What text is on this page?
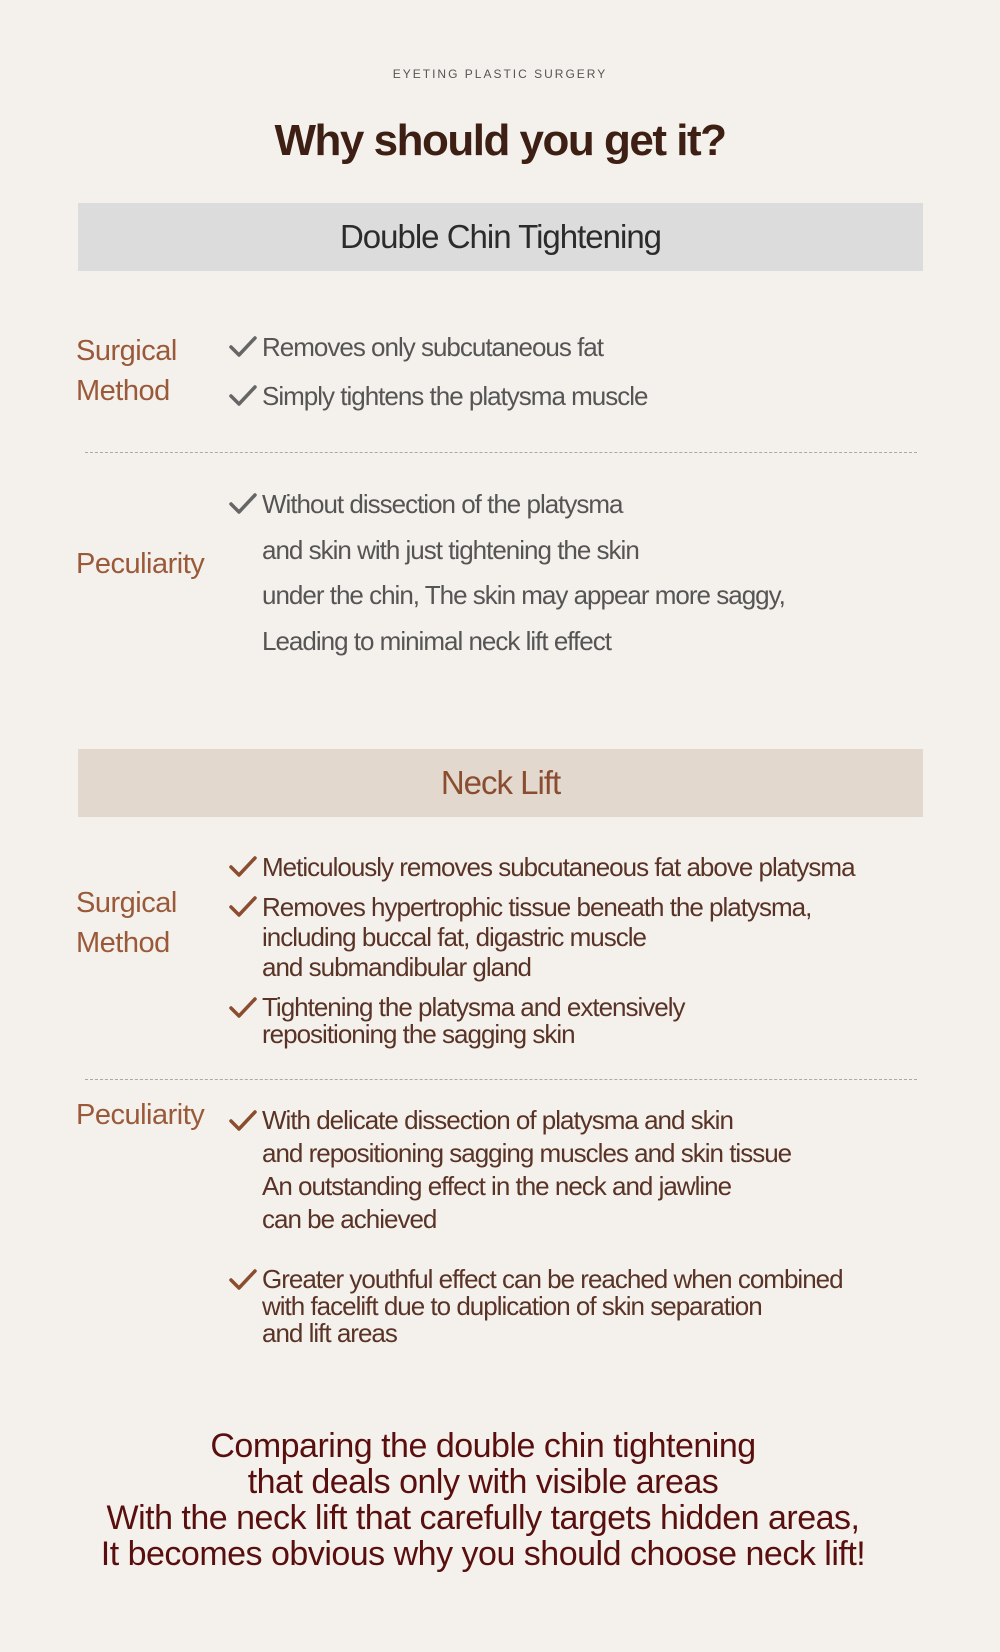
EYETING PLASTIC SURGERY
Why should you get it?
Double Chin Tightening
Surgical
Method
Removes only subcutaneous fat
Simply tightens the platysma muscle
Peculiarity
Without dissection of the platysma
and skin with just tightening the skin
under the chin, The skin may appear more saggy,
Leading to minimal neck lift effect
Neck Lift
Surgical
Method
Meticulously removes subcutaneous fat above platysma
Removes hypertrophic tissue beneath the platysma,
including buccal fat, digastric muscle
and submandibular gland
Tightening the platysma and extensively
repositioning the sagging skin
Peculiarity With delicate dissection of platysma and skin
and repositioning sagging muscles and skin tissue
An outstanding effect in the neck and jawline
can be achieved
Greater youthful effect can be reached when combined
with facelift due to duplication of skin separation
and lift areas
Comparing the double chin tightening
that deals only with visible areas
With the neck lift that carefully targets hidden areas,
It becomes obvious why you should choose neck lift!
